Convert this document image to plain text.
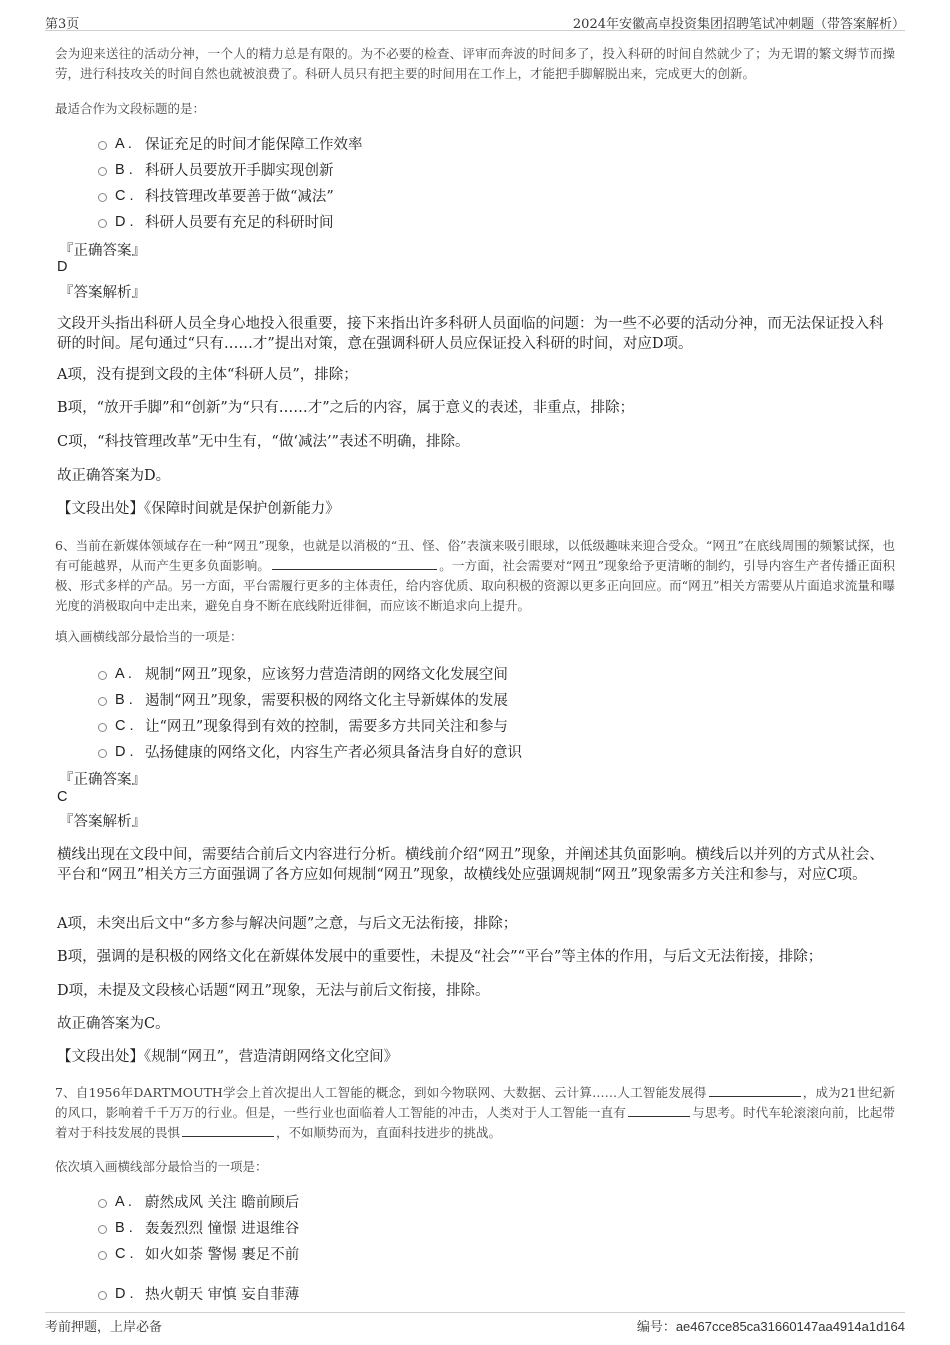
第3页	2024年安徽高卓投资集团招聘笔试冲刺题（带答案解析）
会为迎来送往的活动分神，一个人的精力总是有限的。为不必要的检查、评审而奔波的时间多了，投入科研的时间自然就少了；为无谓的繁文缛节而操劳，进行科技攻关的时间自然也就被浪费了。科研人员只有把主要的时间用在工作上，才能把手脚解脱出来，完成更大的创新。
最适合作为文段标题的是：
A . 保证充足的时间才能保障工作效率
B . 科研人员要放开手脚实现创新
C . 科技管理改革要善于做“减法”
D . 科研人员要有充足的科研时间
『正确答案』
D
『答案解析』
文段开头指出科研人员全身心地投入很重要，接下来指出许多科研人员面临的问题：为一些不必要的活动分神，而无法保证投入科研的时间。尾句通过“只有……才”提出对策，意在强调科研人员应保证投入科研的时间，对应D项。
A项，没有提到文段的主体“科研人员”，排除；
B项，“放开手脚”和“创新”为“只有……才”之后的内容，属于意义的表述，非重点，排除；
C项，“科技管理改革”无中生有，“做‘减法’”表述不明确，排除。
故正确答案为D。
【文段出处】《保障时间就是保护创新能力》
6、当前在新媒体领域存在一种“网丑”现象，也就是以消极的“丑、怪、俗”表演来吸引眼球，以低级趣味来迎合受众。“网丑”在底线周围的频繁试探，也有可能越界，从而产生更多负面影响。	。一方面，社会需要对“网丑”现象给予更清晰的制约，引导内容生产者传播正面积极、形式多样的产品。另一方面，平台需履行更多的主体责任，给内容优质、取向积极的资源以更多正向回应。而“网丑”相关方需要从片面追求流量和曝光度的消极取向中走出来，避免自身不断在底线附近徘徊，而应该不断追求向上提升。
填入画横线部分最恰当的一项是：
A . 规制“网丑”现象，应该努力营造清朗的网络文化发展空间
B . 遏制“网丑”现象，需要积极的网络文化主导新媒体的发展
C . 让“网丑”现象得到有效的控制，需要多方共同关注和参与
D . 弘扬健康的网络文化，内容生产者必须具备洁身自好的意识
『正确答案』
C
『答案解析』
横线出现在文段中间，需要结合前后文内容进行分析。横线前介绍“网丑”现象，并阐述其负面影响。横线后以并列的方式从社会、平台和“网丑”相关方三方面强调了各方应如何规制“网丑”现象，故横线处应强调规制“网丑”现象需多方关注和参与，对应C项。
A项，未突出后文中“多方参与解决问题”之意，与后文无法衔接，排除；
B项，强调的是积极的网络文化在新媒体发展中的重要性，未提及“社会”“平台”等主体的作用，与后文无法衔接，排除；
D项，未提及文段核心话题“网丑”现象，无法与前后文衔接，排除。
故正确答案为C。
【文段出处】《规制“网丑”，营造清朗网络文化空间》
7、自1956年DARTMOUTH学会上首次提出人工智能的概念，到如今物联网、大数据、云计算……人工智能发展得	，成为21世纪新的风口，影响着千千万万的行业。但是，一些行业也面临着人工智能的冲击，人类对于人工智能一直有	与思考。时代车轮滚滚向前，比起带着对于科技发展的畏惧	，不如顺势而为，直面科技进步的挑战。
依次填入画横线部分最恰当的一项是：
A . 蔚然成风 关注 瞻前顾后
B . 轰轰烈烈 憧憬 进退维谷
C . 如火如荼 警惕 裹足不前
D . 热火朝天 审慎 妄自菲薄
考前押题，上岸必备	编号：ae467cce85ca31660147aa4914a1d164
